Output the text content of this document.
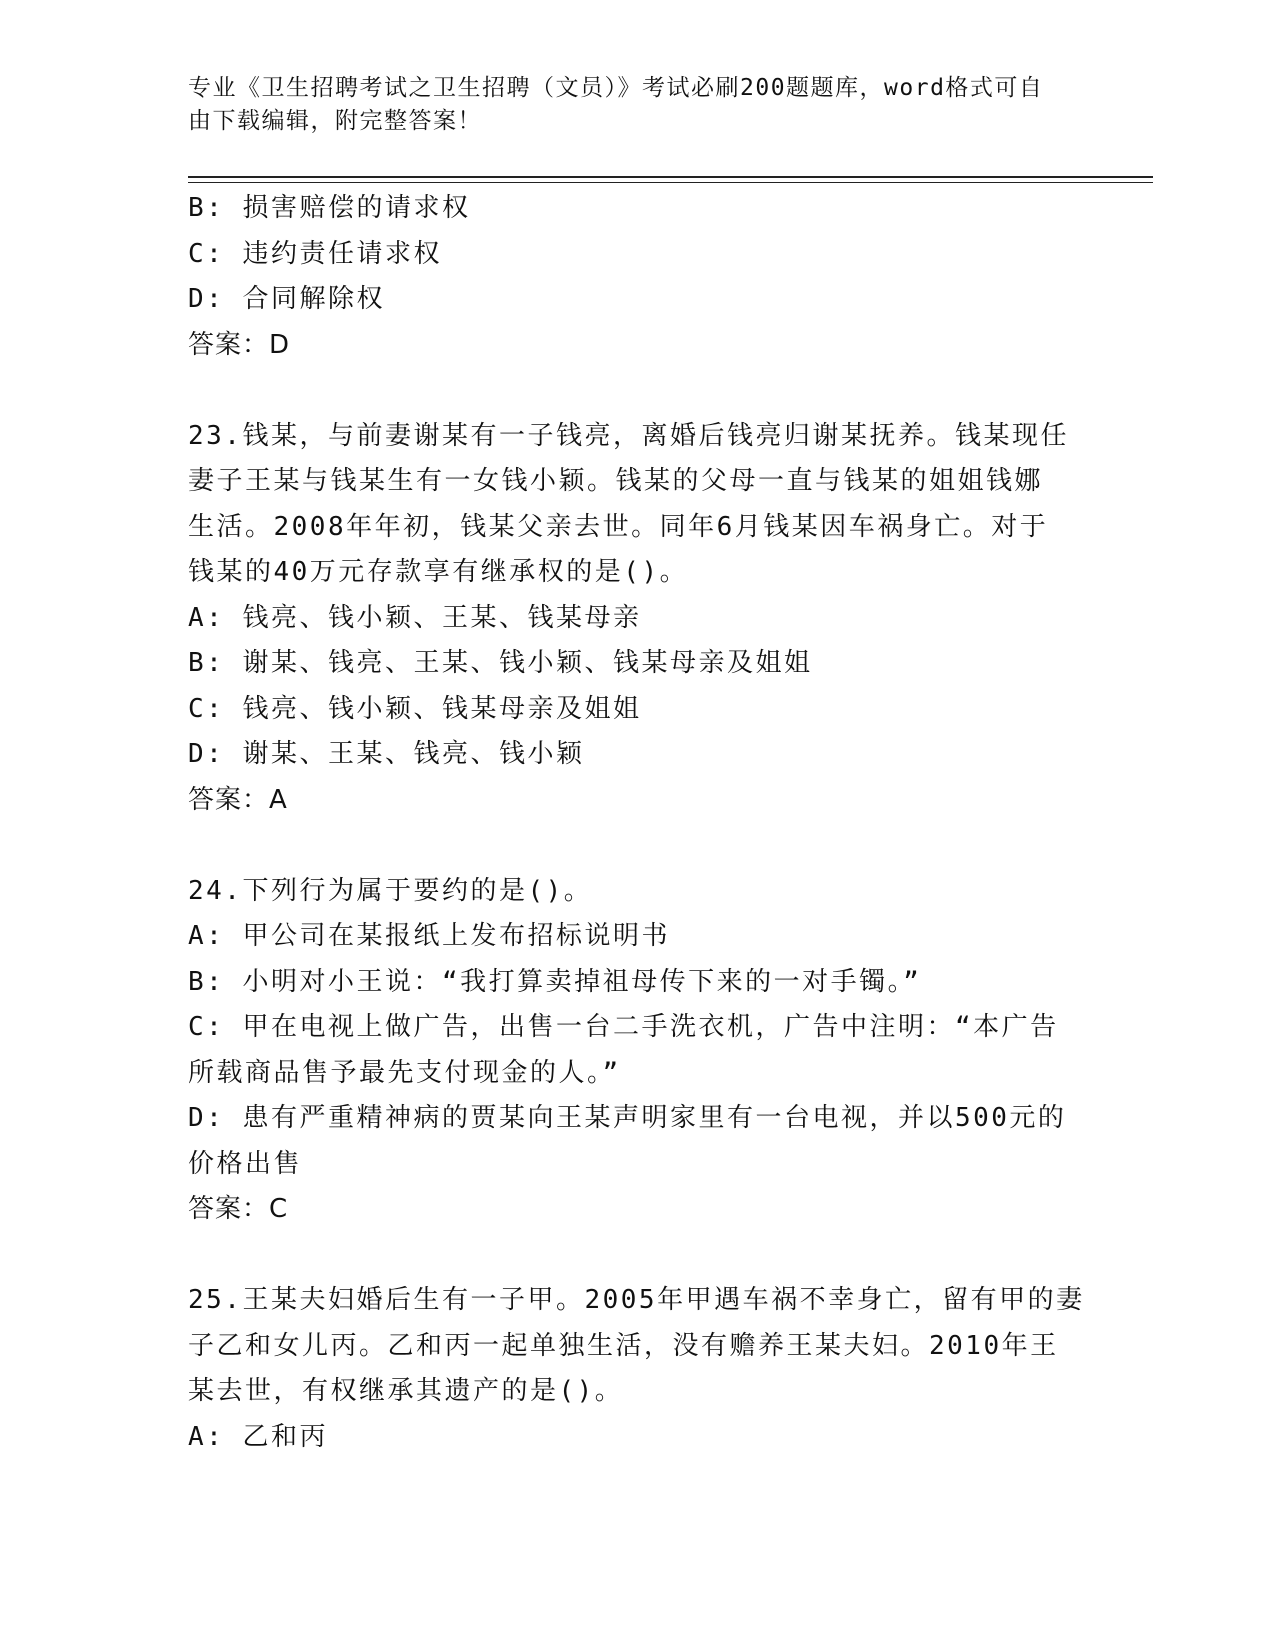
专业《卫生招聘考试之卫生招聘（文员）》考试必刷200题题库，word格式可自
由下载编辑，附完整答案！

B: 损害赔偿的请求权

C: 违约责任请求权

D: 合同解除权

答案：D

23.钱某，与前妻谢某有一子钱亮，离婚后钱亮归谢某抚养。钱某现任

妻子王某与钱某生有一女钱小颖。钱某的父母一直与钱某的姐姐钱娜

生活。2008年年初，钱某父亲去世。同年6月钱某因车祸身亡。对于

钱某的40万元存款享有继承权的是()。

A: 钱亮、钱小颖、王某、钱某母亲

B: 谢某、钱亮、王某、钱小颖、钱某母亲及姐姐

C: 钱亮、钱小颖、钱某母亲及姐姐

D: 谢某、王某、钱亮、钱小颖

答案：A

24.下列行为属于要约的是()。

A: 甲公司在某报纸上发布招标说明书

B: 小明对小王说：“我打算卖掉祖母传下来的一对手镯。”

C: 甲在电视上做广告，出售一台二手洗衣机，广告中注明：“本广告

所载商品售予最先支付现金的人。”

D: 患有严重精神病的贾某向王某声明家里有一台电视，并以500元的

价格出售

答案：C

25.王某夫妇婚后生有一子甲。2005年甲遇车祸不幸身亡，留有甲的妻

子乙和女儿丙。乙和丙一起单独生活，没有赡养王某夫妇。2010年王

某去世，有权继承其遗产的是()。

A: 乙和丙
